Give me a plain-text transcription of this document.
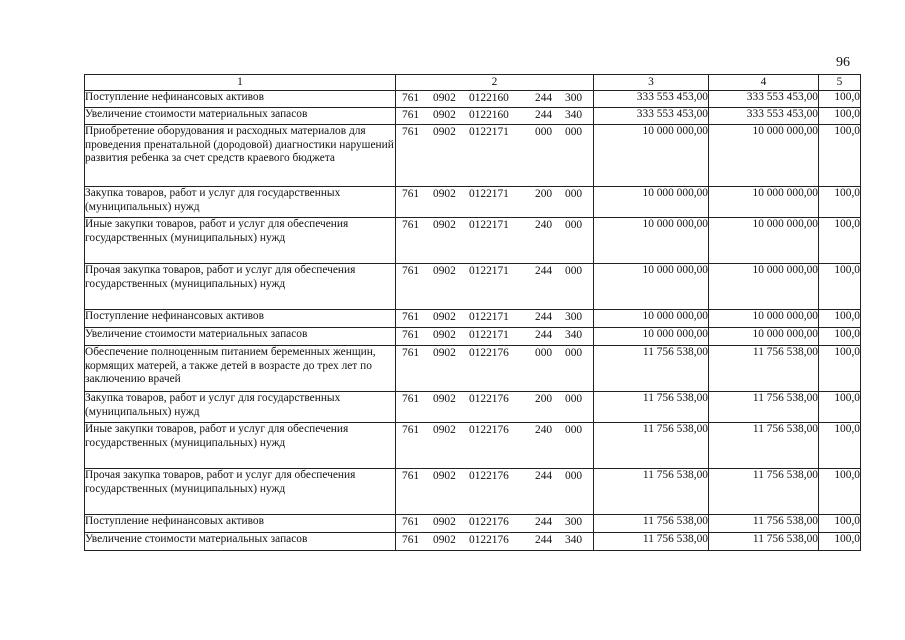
96
1	2	3	4	5
Поступление нефинансовых активов	761 0902 0122160 244 300	333 553 453,00	333 553 453,00	100,0
Увеличение стоимости материальных запасов	761 0902 0122160 244 340	333 553 453,00	333 553 453,00	100,0
Приобретение оборудования и расходных материалов для проведения пренатальной (дородовой) диагностики нарушений развития ребенка за счет средств краевого бюджета	761 0902 0122171 000 000	10 000 000,00	10 000 000,00	100,0
Закупка товаров, работ и услуг для государственных (муниципальных) нужд	761 0902 0122171 200 000	10 000 000,00	10 000 000,00	100,0
Иные закупки товаров, работ и услуг для обеспечения государственных (муниципальных) нужд	761 0902 0122171 240 000	10 000 000,00	10 000 000,00	100,0
Прочая закупка товаров, работ и услуг для обеспечения государственных (муниципальных) нужд	761 0902 0122171 244 000	10 000 000,00	10 000 000,00	100,0
Поступление нефинансовых активов	761 0902 0122171 244 300	10 000 000,00	10 000 000,00	100,0
Увеличение стоимости материальных запасов	761 0902 0122171 244 340	10 000 000,00	10 000 000,00	100,0
Обеспечение полноценным питанием беременных женщин, кормящих матерей, а также детей в возрасте до трех лет по заключению врачей	761 0902 0122176 000 000	11 756 538,00	11 756 538,00	100,0
Закупка товаров, работ и услуг для государственных (муниципальных) нужд	761 0902 0122176 200 000	11 756 538,00	11 756 538,00	100,0
Иные закупки товаров, работ и услуг для обеспечения государственных (муниципальных) нужд	761 0902 0122176 240 000	11 756 538,00	11 756 538,00	100,0
Прочая закупка товаров, работ и услуг для обеспечения государственных (муниципальных) нужд	761 0902 0122176 244 000	11 756 538,00	11 756 538,00	100,0
Поступление нефинансовых активов	761 0902 0122176 244 300	11 756 538,00	11 756 538,00	100,0
Увеличение стоимости материальных запасов	761 0902 0122176 244 340	11 756 538,00	11 756 538,00	100,0
